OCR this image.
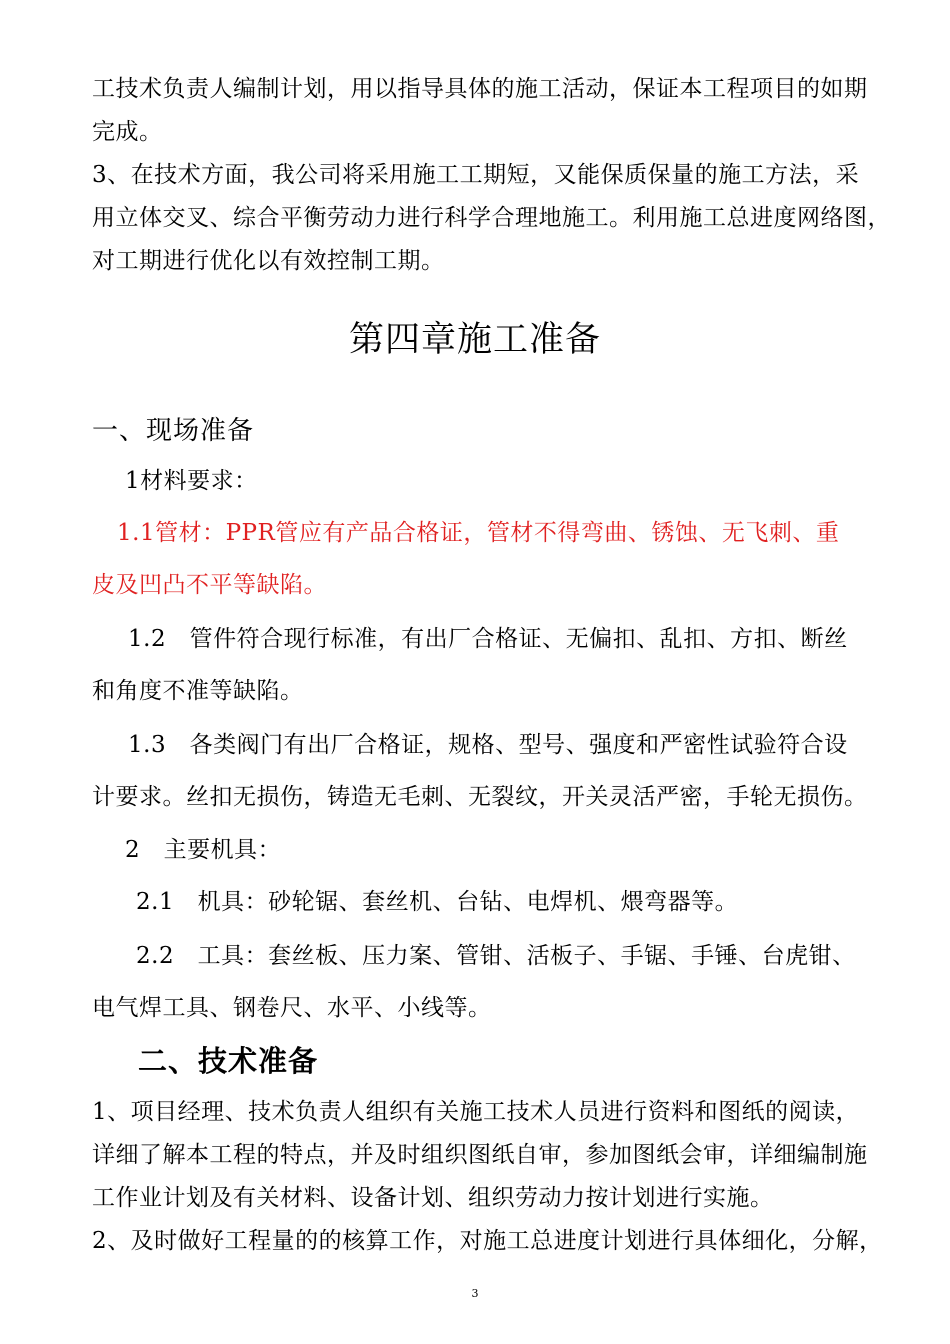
工技术负责人编制计划，用以指导具体的施工活动，保证本工程项目的如期
完成。
3、在技术方面，我公司将采用施工工期短，又能保质保量的施工方法，采
用立体交叉、综合平衡劳动力进行科学合理地施工。利用施工总进度网络图，
对工期进行优化以有效控制工期。
第四章施工准备
一、现场准备
1材料要求：
1.1管材：PPR管应有产品合格证，管材不得弯曲、锈蚀、无飞刺、重
皮及凹凸不平等缺陷。
1.2　管件符合现行标准，有出厂合格证、无偏扣、乱扣、方扣、断丝
和角度不准等缺陷。
1.3　各类阀门有出厂合格证，规格、型号、强度和严密性试验符合设
计要求。丝扣无损伤，铸造无毛刺、无裂纹，开关灵活严密，手轮无损伤。
2　主要机具：
2.1　机具：砂轮锯、套丝机、台钻、电焊机、煨弯器等。
2.2　工具：套丝板、压力案、管钳、活板子、手锯、手锤、台虎钳、
电气焊工具、钢卷尺、水平、小线等。
二、技术准备
1、项目经理、技术负责人组织有关施工技术人员进行资料和图纸的阅读，
详细了解本工程的特点，并及时组织图纸自审，参加图纸会审，详细编制施
工作业计划及有关材料、设备计划、组织劳动力按计划进行实施。
2、及时做好工程量的的核算工作，对施工总进度计划进行具体细化，分解，
3
